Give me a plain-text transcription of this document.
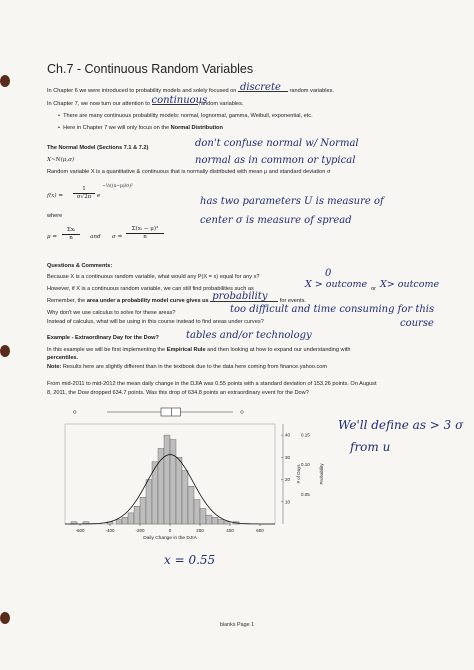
Ch.7 - Continuous Random Variables
In Chapter 6 we were introduced to probability models and solely focused on discrete random variables.
In Chapter 7, we now turn our attention to continuous
random variables.
•  There are many continuous probability models: normal, lognormal, gamma, Weibull, exponential, etc.
•  Here in Chapter 7 we will only focus on the Normal Distribution
The Normal Model (Sections 7.1 & 7.2)
X~N(μ,σ)
Random variable X is a quantitative & continuous that is normally distributed with mean μ and standard deviation σ
don't confuse normal w/ Normal
normal as in common or typical
f(x) =
1
σ√2π	e
−½((x−μ)/σ)²
where
μ =
Σxᵢ
n	and σ =
Σ(xᵢ − μ)²
n
has two parameters U is measure of
center σ is measure of spread
Questions & Comments:
Because X is a continuous random variable, what would any P(X = x) equal for any x?	0
However, if X is a continuous random variable, we can still find probabilities such as	X > outcome or X> outcome
Remember, the area under a probability model curve gives us probability for events.
Why don't we use calculus to solve for these areas?
Instead of calculus, what will be using in this course instead to find areas under curves?
too difficult and time consuming for this
course
Example - Extraordinary Day for the Dow?	tables and/or technology
In this example we will be first implementing the Empirical Rule and then looking at how to expand our understanding with
percentiles.
Note: Results here are slightly different than in the textbook due to the data here coming from finance.yahoo.com
From mid-2011 to mid-2012 the mean daily change in the DJIA was 0.55 points with a standard deviation of 153.26 points. On August
8, 2011, the Dow dropped 634.7 points. Was this drop of 634.8 points an extraordinary event for the Dow?
-600	-400	-200	0	200	400	600
Daily Change in the DJIA
40
30
20
10
# of Days
0.15
0.10
0.05
Probability
We'll define as > 3 σ
from u
x = 0.55
blanks Page 1
